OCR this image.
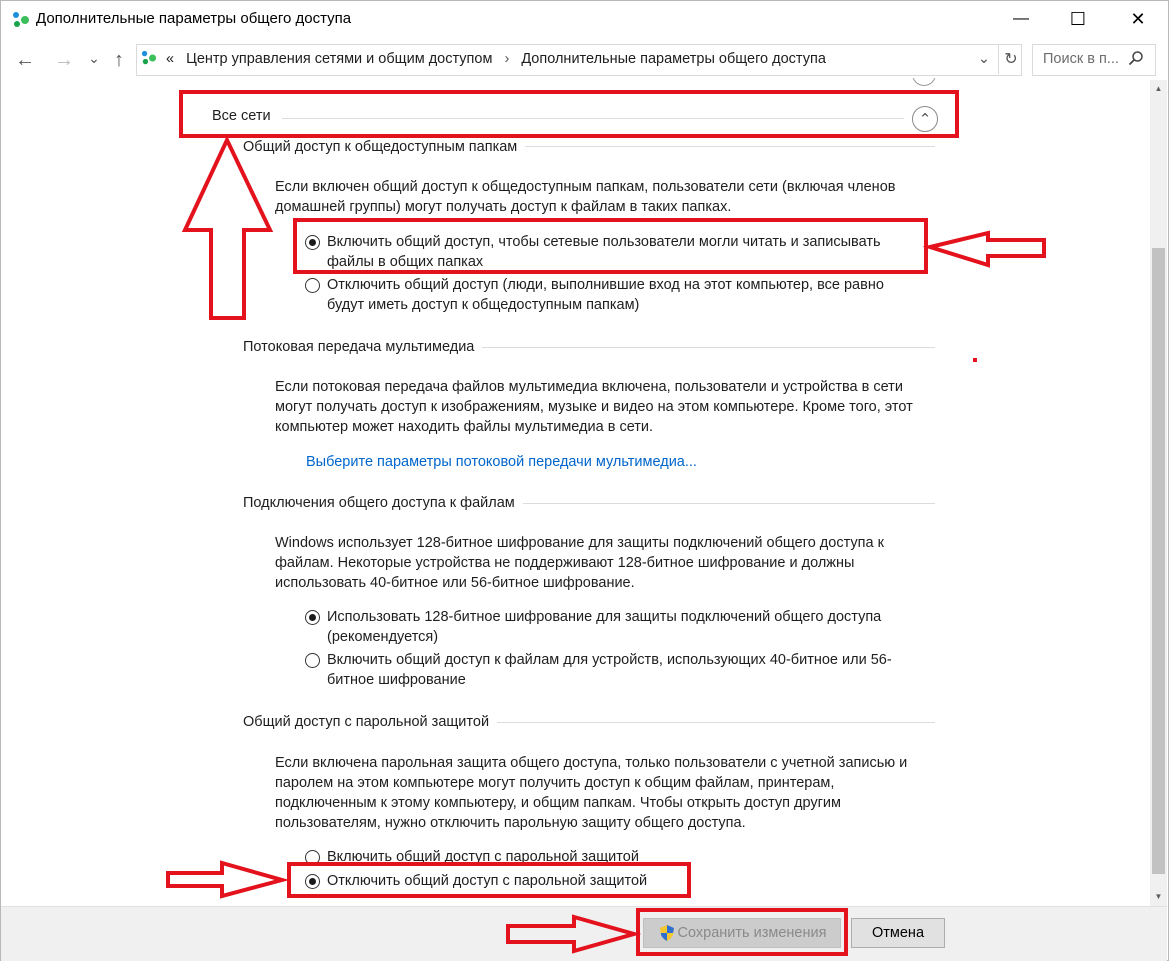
Дополнительные параметры общего доступа	—	☐	✕
← →	⌄ ↑	« Центр управления сетями и общим доступом › Дополнительные параметры общего доступа	⌄ ↻	Поиск в п...
▲
▼
Все сети	⌃
Общий доступ к общедоступным папкам
Если включен общий доступ к общедоступным папкам, пользователи сети (включая членов домашней группы) могут получать доступ к файлам в таких папках.
Включить общий доступ, чтобы сетевые пользователи могли читать и записывать файлы в общих папках
Отключить общий доступ (люди, выполнившие вход на этот компьютер, все равно будут иметь доступ к общедоступным папкам)
Потоковая передача мультимедиа
Если потоковая передача файлов мультимедиа включена, пользователи и устройства в сети могут получать доступ к изображениям, музыке и видео на этом компьютере. Кроме того, этот компьютер может находить файлы мультимедиа в сети.
Выберите параметры потоковой передачи мультимедиа...
Подключения общего доступа к файлам
Windows использует 128-битное шифрование для защиты подключений общего доступа к файлам. Некоторые устройства не поддерживают 128-битное шифрование и должны использовать 40-битное или 56-битное шифрование.
Использовать 128-битное шифрование для защиты подключений общего доступа (рекомендуется)
Включить общий доступ к файлам для устройств, использующих 40-битное или 56-битное шифрование
Общий доступ с парольной защитой
Если включена парольная защита общего доступа, только пользователи с учетной записью и паролем на этом компьютере могут получить доступ к общим файлам, принтерам, подключенным к этому компьютеру, и общим папкам. Чтобы открыть доступ другим пользователям, нужно отключить парольную защиту общего доступа.
Включить общий доступ с парольной защитой
Отключить общий доступ с парольной защитой
Сохранить изменения	Отмена
